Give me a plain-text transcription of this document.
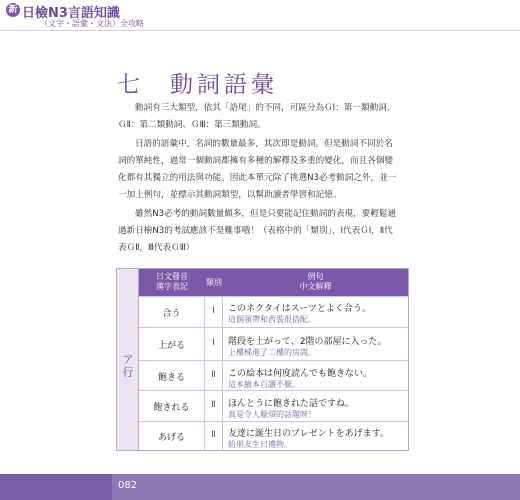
新 日檢N3言語知識
（文字・語彙・文法）全攻略
七 動詞語彙

動詞有三大類型，依其「語尾」的不同，可區分為ＧⅠ：第一類動詞、ＧⅡ：第二類動詞、ＧⅢ：第三類動詞。

日語的語彙中，名詞的數量最多，其次即是動詞。但是動詞不同於名詞的單純性，過常一個動詞都擁有多種的解釋及多重的變化，而且各個變化都有其獨立的用法與功能。因此本單元除了挑選N3必考動詞之外，並一一加上例句，並標示其動詞類型，以幫助讀者學習和記憶。

雖然N3必考的動詞數量頗多，但是只要能記住動詞的表現，要輕鬆通過新日檢N3的考試應該不是難事哦！（表格中的「類別」，Ⅰ代表ＧⅠ，Ⅱ代表ＧⅡ，Ⅲ代表ＧⅢ）

ア行
日文發音
漢字表記	類別
例句
中文解釋
合う	Ⅰ	このネクタイはスーツとよく合う。
這個領帶和西裝很搭配。
上がる	Ⅰ	階段を上がって、2階の部屋に入った。
上樓梯進了二樓的房間。
飽きる	Ⅱ	この絵本は何度読んでも飽きない。
這本繪本百讀不厭。
飽きれる	Ⅱ	ほんとうに飽きれた話ですね。
真是令人厭煩的話題呀！
あげる	Ⅱ	友達に誕生日のプレゼントをあげます。
給朋友生日禮物。
082
